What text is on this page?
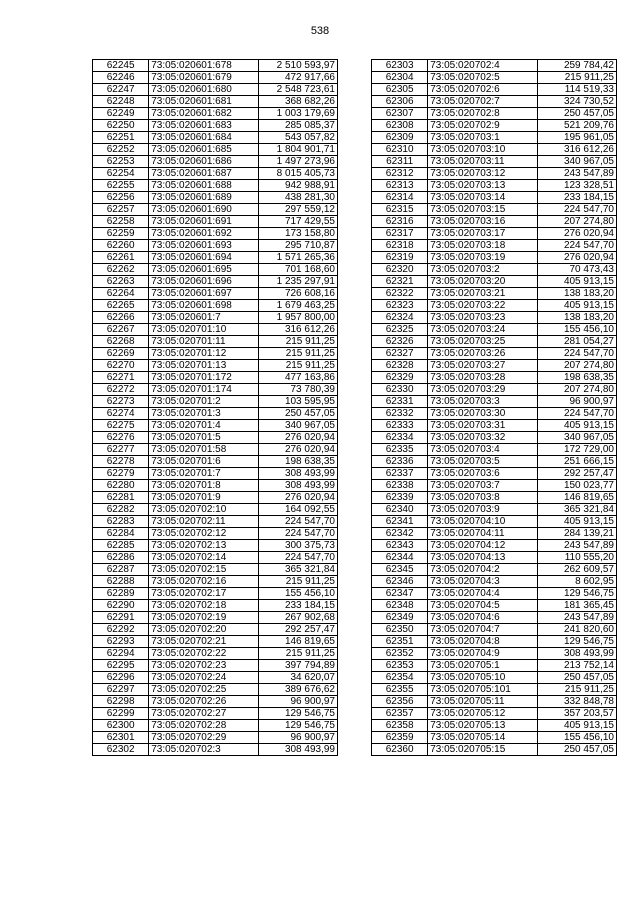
538
62245	73:05:020601:678	2 510 593,97
62246	73:05:020601:679	472 917,66
62247	73:05:020601:680	2 548 723,61
62248	73:05:020601:681	368 682,26
62249	73:05:020601:682	1 003 179,69
62250	73:05:020601:683	285 085,37
62251	73:05:020601:684	543 057,82
62252	73:05:020601:685	1 804 901,71
62253	73:05:020601:686	1 497 273,96
62254	73:05:020601:687	8 015 405,73
62255	73:05:020601:688	942 988,91
62256	73:05:020601:689	438 281,30
62257	73:05:020601:690	297 559,12
62258	73:05:020601:691	717 429,55
62259	73:05:020601:692	173 158,80
62260	73:05:020601:693	295 710,87
62261	73:05:020601:694	1 571 265,36
62262	73:05:020601:695	701 168,60
62263	73:05:020601:696	1 235 297,91
62264	73:05:020601:697	726 608,16
62265	73:05:020601:698	1 679 463,25
62266	73:05:020601:7	1 957 800,00
62267	73:05:020701:10	316 612,26
62268	73:05:020701:11	215 911,25
62269	73:05:020701:12	215 911,25
62270	73:05:020701:13	215 911,25
62271	73:05:020701:172	477 163,86
62272	73:05:020701:174	73 780,39
62273	73:05:020701:2	103 595,95
62274	73:05:020701:3	250 457,05
62275	73:05:020701:4	340 967,05
62276	73:05:020701:5	276 020,94
62277	73:05:020701:58	276 020,94
62278	73:05:020701:6	198 638,35
62279	73:05:020701:7	308 493,99
62280	73:05:020701:8	308 493,99
62281	73:05:020701:9	276 020,94
62282	73:05:020702:10	164 092,55
62283	73:05:020702:11	224 547,70
62284	73:05:020702:12	224 547,70
62285	73:05:020702:13	300 375,73
62286	73:05:020702:14	224 547,70
62287	73:05:020702:15	365 321,84
62288	73:05:020702:16	215 911,25
62289	73:05:020702:17	155 456,10
62290	73:05:020702:18	233 184,15
62291	73:05:020702:19	267 902,68
62292	73:05:020702:20	292 257,47
62293	73:05:020702:21	146 819,65
62294	73:05:020702:22	215 911,25
62295	73:05:020702:23	397 794,89
62296	73:05:020702:24	34 620,07
62297	73:05:020702:25	389 676,62
62298	73:05:020702:26	96 900,97
62299	73:05:020702:27	129 546,75
62300	73:05:020702:28	129 546,75
62301	73:05:020702:29	96 900,97
62302	73:05:020702:3	308 493,99
62303	73:05:020702:4	259 784,42
62304	73:05:020702:5	215 911,25
62305	73:05:020702:6	114 519,33
62306	73:05:020702:7	324 730,52
62307	73:05:020702:8	250 457,05
62308	73:05:020702:9	521 209,76
62309	73:05:020703:1	195 961,05
62310	73:05:020703:10	316 612,26
62311	73:05:020703:11	340 967,05
62312	73:05:020703:12	243 547,89
62313	73:05:020703:13	123 328,51
62314	73:05:020703:14	233 184,15
62315	73:05:020703:15	224 547,70
62316	73:05:020703:16	207 274,80
62317	73:05:020703:17	276 020,94
62318	73:05:020703:18	224 547,70
62319	73:05:020703:19	276 020,94
62320	73:05:020703:2	70 473,43
62321	73:05:020703:20	405 913,15
62322	73:05:020703:21	138 183,20
62323	73:05:020703:22	405 913,15
62324	73:05:020703:23	138 183,20
62325	73:05:020703:24	155 456,10
62326	73:05:020703:25	281 054,27
62327	73:05:020703:26	224 547,70
62328	73:05:020703:27	207 274,80
62329	73:05:020703:28	198 638,35
62330	73:05:020703:29	207 274,80
62331	73:05:020703:3	96 900,97
62332	73:05:020703:30	224 547,70
62333	73:05:020703:31	405 913,15
62334	73:05:020703:32	340 967,05
62335	73:05:020703:4	172 729,00
62336	73:05:020703:5	251 666,15
62337	73:05:020703:6	292 257,47
62338	73:05:020703:7	150 023,77
62339	73:05:020703:8	146 819,65
62340	73:05:020703:9	365 321,84
62341	73:05:020704:10	405 913,15
62342	73:05:020704:11	284 139,21
62343	73:05:020704:12	243 547,89
62344	73:05:020704:13	110 555,20
62345	73:05:020704:2	262 609,57
62346	73:05:020704:3	8 602,95
62347	73:05:020704:4	129 546,75
62348	73:05:020704:5	181 365,45
62349	73:05:020704:6	243 547,89
62350	73:05:020704:7	241 820,60
62351	73:05:020704:8	129 546,75
62352	73:05:020704:9	308 493,99
62353	73:05:020705:1	213 752,14
62354	73:05:020705:10	250 457,05
62355	73:05:020705:101	215 911,25
62356	73:05:020705:11	332 848,78
62357	73:05:020705:12	357 203,57
62358	73:05:020705:13	405 913,15
62359	73:05:020705:14	155 456,10
62360	73:05:020705:15	250 457,05
